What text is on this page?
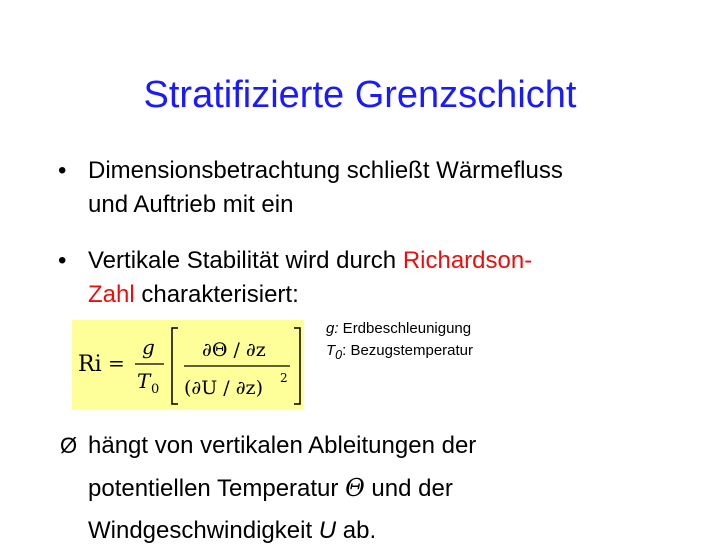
Stratifizierte Grenzschicht
• Dimensionsbetrachtung schließt Wärmefluss
und Auftrieb mit ein
• Vertikale Stabilität wird durch Richardson-
Zahl charakterisiert:
Ri =
g
T 0
∂Θ / ∂z
(∂U / ∂z) 2
g: Erdbeschleunigung
$T_0$: Bezugstemperatur
Ø hängt von vertikalen Ableitungen der
potentiellen Temperatur Θ und der
Windgeschwindigkeit U ab.
